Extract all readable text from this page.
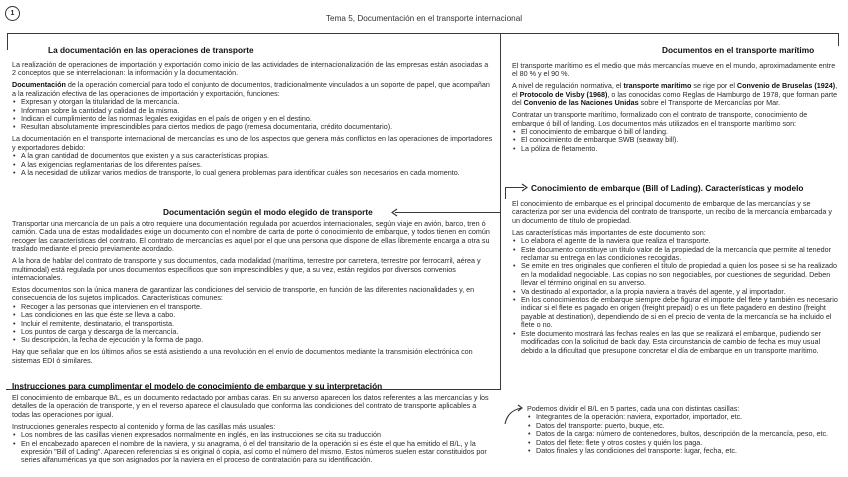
1
Tema 5, Documentación en el transporte internacional
La documentación en las operaciones de transporte
La realización de operaciones de importación y exportación como inicio de las actividades de internacionalización de las empresas están asociadas a 2 conceptos que se interrelacionan: la información y la documentación.
Documentación de la operación comercial para todo el conjunto de documentos, tradicionalmente vinculados a un soporte de papel, que acompañan a la realización efectiva de las operaciones de importación y exportación, funciones:
• Expresan y otorgan la titularidad de la mercancía.
• Informan sobre la cantidad y calidad de la misma.
• Indican el cumplimiento de las normas legales exigidas en el país de origen y en el destino.
• Resultan absolutamente imprescindibles para ciertos medios de pago (remesa documentaria, crédito documentario).
La documentación en el transporte internacional de mercancías es uno de los aspectos que genera más conflictos en las operaciones de importadores y exportadores debido:
• A la gran cantidad de documentos que existen y a sus características propias.
• A las exigencias reglamentarias de los diferentes países.
• A la necesidad de utilizar varios medios de transporte, lo cual genera problemas para identificar cuáles son necesarios en cada momento.
Documentación según el modo elegido de transporte
Transportar una mercancía de un país a otro requiere una documentación regulada por acuerdos internacionales, según viaje en avión, barco, tren ó camión. Cada una de estas modalidades exige un documento con el nombre de carta de porte ó conocimiento de embarque, y todos tienen en común recoger las características del contrato. El contrato de mercancías es aquel por el que una persona que dispone de ellas libremente encarga a otra su traslado mediante el precio previamente acordado.
A la hora de hablar del contrato de transporte y sus documentos, cada modalidad (marítima, terrestre por carretera, terrestre por ferrocarril, aérea y multimodal) está regulada por unos documentos específicos que son imprescindibles y que, a su vez, están regidos por diversos convenios internacionales.
Estos documentos son la única manera de garantizar las condiciones del servicio de transporte, en función de las diferentes nacionalidades y, en consecuencia de los sujetos implicados. Características comunes:
• Recoger a las personas que intervienen en el transporte.
• Las condiciones en las que éste se lleva a cabo.
• Incluir el remitente, destinatario, el transportista.
• Los puntos de carga y descarga de la mercancía.
• Su descripción, la fecha de ejecución y la forma de pago.
Hay que señalar que en los últimos años se está asistiendo a una revolución en el envío de documentos mediante la transmisión electrónica con sistemas EDI ó similares.
Instrucciones para cumplimentar el modelo de conocimiento de embarque y su interpretación
El conocimiento de embarque B/L, es un documento redactado por ambas caras. En su anverso aparecen los datos referentes a las mercancías y los detalles de la operación de transporte, y en el reverso aparece el clausulado que conforma las condiciones del contrato de transporte aplicables a todas las operaciones por igual.
Instrucciones generales respecto al contenido y forma de las casillas más usuales:
• Los nombres de las casillas vienen expresados normalmente en inglés, en las instrucciones se cita su traducción
• En el encabezado aparecen el nombre de la naviera, y su anagrama, ó el del transitario de la operación si es éste el que ha emitido el B/L, y la expresión "Bill of Lading". Aparecen referencias si es original ó copia, así como el número del mismo. Estos números suelen estar constituidos por series alfanuméricas ya que son asignados por la naviera en el proceso de contratación para su identificación.
Documentos en el transporte marítimo
El transporte marítimo es el medio que más mercancías mueve en el mundo, aproximadamente entre el 80 % y el 90 %.
A nivel de regulación normativa, el transporte marítimo se rige por el Convenio de Bruselas (1924), el Protocolo de Visby (1968), o las conocidas como Reglas de Hamburgo de 1978, que forman parte del Convenio de las Naciones Unidas sobre el Transporte de Mercancías por Mar.
Contratar un transporte marítimo, formalizado con el contrato de transporte, conocimiento de embarque ó bill of landing. Los documentos más utilizados en el transporte marítimo son:
• El conocimiento de embarque ó bill of landing.
• El conocimiento de embarque SWB (seaway bill).
• La póliza de fletamento.
Conocimiento de embarque (Bill of Lading). Características y modelo
El conocimiento de embarque es el principal documento de embarque de las mercancías y se caracteriza por ser una evidencia del contrato de transporte, un recibo de la mercancía embarcada y un documento de título de propiedad.
Las características más importantes de este documento son:
• Lo elabora el agente de la naviera que realiza el transporte.
• Este documento constituye un título valor de la propiedad de la mercancía que permite al tenedor reclamar su entrega en las condiciones recogidas.
• Se emite en tres originales que confieren el título de propiedad a quien los posee si se ha realizado en la modalidad negociable. Las copias no son negociables, por cuestiones de seguridad. Deben llevar el término original en su anverso.
• Va destinado al exportador, a la propia naviera a través del agente, y al importador.
• En los conocimientos de embarque siempre debe figurar el importe del flete y también es necesario indicar si el flete es pagado en origen (freight prepaid) o es un flete pagadero en destino (freight payable at destination), dependiendo de si en el precio de venta de la mercancía se ha incluido el flete o no.
• Este documento mostrará las fechas reales en las que se realizará el embarque, pudiendo ser modificadas con la solicitud de back day. Esta circunstancia de cambio de fecha es muy usual debido a la dificultad que presupone concretar el día de embarque en un transporte marítimo.
Podemos dividir el B/L en 5 partes, cada una con distintas casillas:
• Integrantes de la operación: naviera, exportador, importador, etc.
• Datos del transporte: puerto, buque, etc.
• Datos de la carga: número de contenedores, bultos, descripción de la mercancía, peso, etc.
• Datos del flete: flete y otros costes y quién los paga.
• Datos finales y las condiciones del transporte: lugar, fecha, etc.
